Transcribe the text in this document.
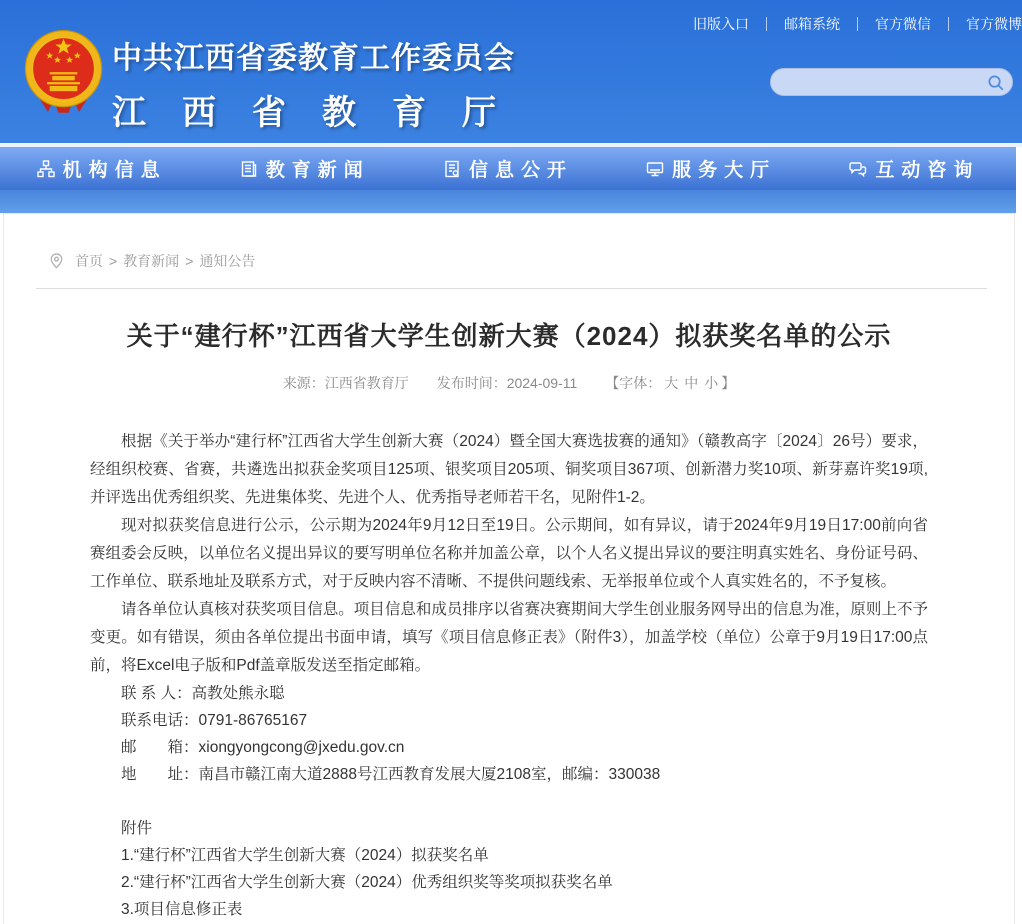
旧版入口	邮箱系统	官方微信	官方微博
中共江西省委教育工作委员会
江西省教育厅
机构信息	教育新闻	信息公开	服务大厅	互动咨询
首页 > 教育新闻 > 通知公告
关于“建行杯”江西省大学生创新大赛（2024）拟获奖名单的公示
来源：江西省教育厅 发布时间：2024-09-11 【字体： 大 中 小 】

根据《关于举办“建行杯”江西省大学生创新大赛（2024）暨全国大赛选拔赛的通知》（赣教高字〔2024〕26号）要求，经组织校赛、省赛，共遴选出拟获金奖项目125项、银奖项目205项、铜奖项目367项、创新潜力奖10项、新芽嘉许奖19项,并评选出优秀组织奖、先进集体奖、先进个人、优秀指导老师若干名，见附件1-2。

现对拟获奖信息进行公示，公示期为2024年9月12日至19日。公示期间，如有异议，请于2024年9月19日17:00前向省赛组委会反映，以单位名义提出异议的要写明单位名称并加盖公章，以个人名义提出异议的要注明真实姓名、身份证号码、工作单位、联系地址及联系方式，对于反映内容不清晰、不提供问题线索、无举报单位或个人真实姓名的，不予复核。

请各单位认真核对获奖项目信息。项目信息和成员排序以省赛决赛期间大学生创业服务网导出的信息为准，原则上不予变更。如有错误，须由各单位提出书面申请，填写《项目信息修正表》（附件3），加盖学校（单位）公章于9月19日17:00点前，将Excel电子版和Pdf盖章版发送至指定邮箱。

联 系 人：高教处熊永聪

联系电话：0791-86765167

邮　　箱：xiongyongcong@jxedu.gov.cn

地　　址：南昌市赣江南大道2888号江西教育发展大厦2108室，邮编：330038

附件

1.“建行杯”江西省大学生创新大赛（2024）拟获奖名单

2.“建行杯”江西省大学生创新大赛（2024）优秀组织奖等奖项拟获奖名单

3.项目信息修正表
